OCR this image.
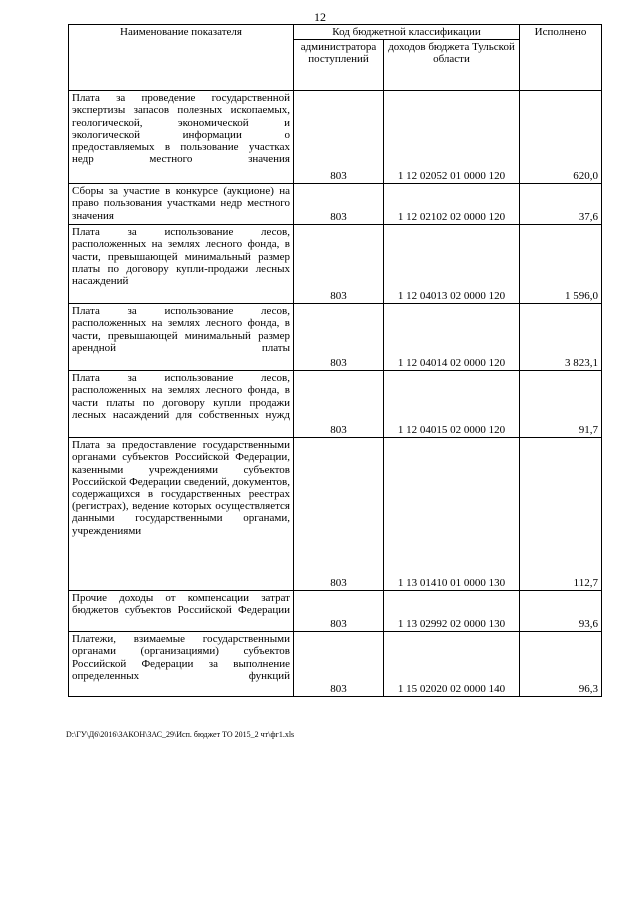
12
Наименование показателя	Код бюджетной классификации		Исполнено
	администратора поступлений	доходов бюджета Тульской области	
Плата за проведение государственной экспертизы запасов полезных ископаемых, геологической, экономической и экологической информации о предоставляемых в пользование участках недр местного значения	803	1 12 02052 01 0000 120	620,0
Сборы за участие в конкурсе (аукционе) на право пользования участками недр местного значения	803	1 12 02102 02 0000 120	37,6
Плата за использование лесов, расположенных на землях лесного фонда, в части, превышающей минимальный размер платы по договору купли-продажи лесных насаждений	803	1 12 04013 02 0000 120	1 596,0
Плата за использование лесов, расположенных на землях лесного фонда, в части, превышающей минимальный размер арендной платы	803	1 12 04014 02 0000 120	3 823,1
Плата за использование лесов, расположенных на землях лесного фонда, в части платы по договору купли продажи лесных насаждений для собственных нужд	803	1 12 04015 02 0000 120	91,7
Плата за предоставление государственными органами субъектов Российской Федерации, казенными учреждениями субъектов Российской Федерации сведений, документов, содержащихся в государственных реестрах (регистрах), ведение которых осуществляется данными государственными органами, учреждениями	803	1 13 01410 01 0000 130	112,7
Прочие доходы от компенсации затрат бюджетов субъектов Российской Федерации	803	1 13 02992 02 0000 130	93,6
Платежи, взимаемые государственными органами (организациями) субъектов Российской Федерации за выполнение определенных функций	803	1 15 02020 02 0000 140	96,3
D:\ГУ\Д6\2016\ЗАКОН\ЗАС_29\Исп. бюджет ТО 2015_2 чт\фг1.xls
